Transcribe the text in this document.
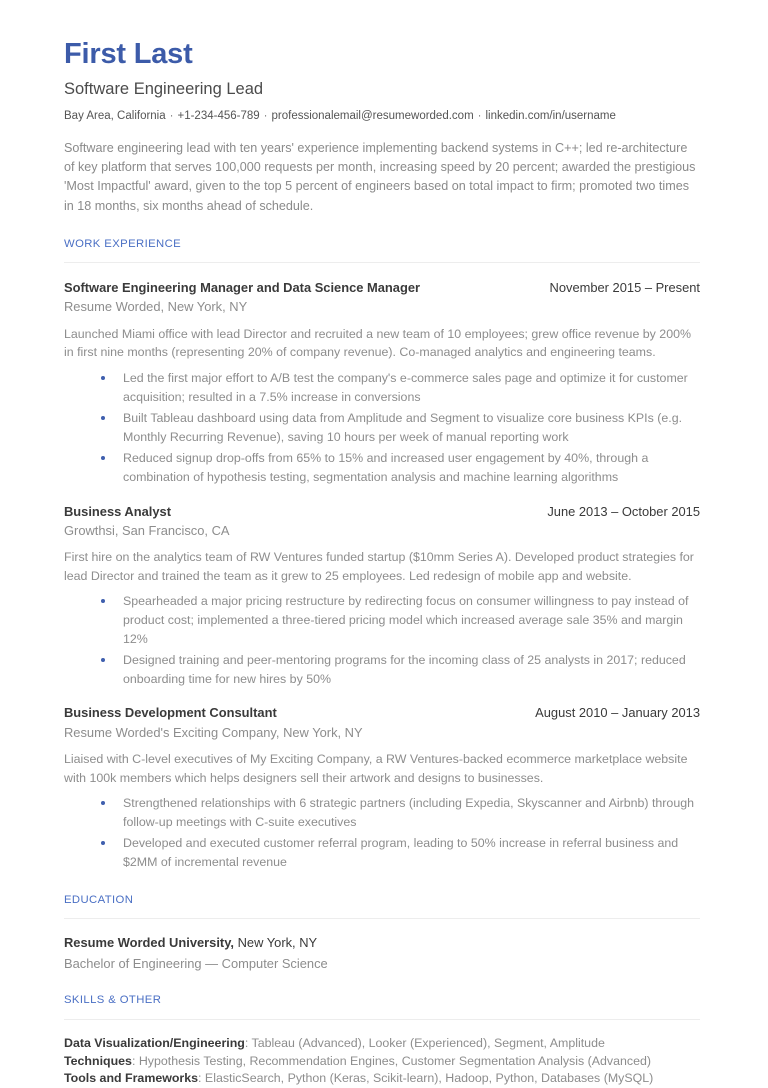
First Last
Software Engineering Lead
Bay Area, California · +1-234-456-789 · professionalemail@resumeworded.com · linkedin.com/in/username
Software engineering lead with ten years' experience implementing backend systems in C++; led re-architecture of key platform that serves 100,000 requests per month, increasing speed by 20 percent; awarded the prestigious 'Most Impactful' award, given to the top 5 percent of engineers based on total impact to firm; promoted two times in 18 months, six months ahead of schedule.
WORK EXPERIENCE
Software Engineering Manager and Data Science Manager	November 2015 – Present
Resume Worded, New York, NY
Launched Miami office with lead Director and recruited a new team of 10 employees; grew office revenue by 200% in first nine months (representing 20% of company revenue). Co-managed analytics and engineering teams.
Led the first major effort to A/B test the company's e-commerce sales page and optimize it for customer acquisition; resulted in a 7.5% increase in conversions
Built Tableau dashboard using data from Amplitude and Segment to visualize core business KPIs (e.g. Monthly Recurring Revenue), saving 10 hours per week of manual reporting work
Reduced signup drop-offs from 65% to 15% and increased user engagement by 40%, through a combination of hypothesis testing, segmentation analysis and machine learning algorithms
Business Analyst	June 2013 – October 2015
Growthsi, San Francisco, CA
First hire on the analytics team of RW Ventures funded startup ($10mm Series A). Developed product strategies for lead Director and trained the team as it grew to 25 employees. Led redesign of mobile app and website.
Spearheaded a major pricing restructure by redirecting focus on consumer willingness to pay instead of product cost; implemented a three-tiered pricing model which increased average sale 35% and margin 12%
Designed training and peer-mentoring programs for the incoming class of 25 analysts in 2017; reduced onboarding time for new hires by 50%
Business Development Consultant	August 2010 – January 2013
Resume Worded's Exciting Company, New York, NY
Liaised with C-level executives of My Exciting Company, a RW Ventures-backed ecommerce marketplace website with 100k members which helps designers sell their artwork and designs to businesses.
Strengthened relationships with 6 strategic partners (including Expedia, Skyscanner and Airbnb) through follow-up meetings with C-suite executives
Developed and executed customer referral program, leading to 50% increase in referral business and $2MM of incremental revenue
EDUCATION
Resume Worded University, New York, NY
Bachelor of Engineering — Computer Science
SKILLS & OTHER
Data Visualization/Engineering: Tableau (Advanced), Looker (Experienced), Segment, Amplitude
Techniques: Hypothesis Testing, Recommendation Engines, Customer Segmentation Analysis (Advanced)
Tools and Frameworks: ElasticSearch, Python (Keras, Scikit-learn), Hadoop, Python, Databases (MySQL)
